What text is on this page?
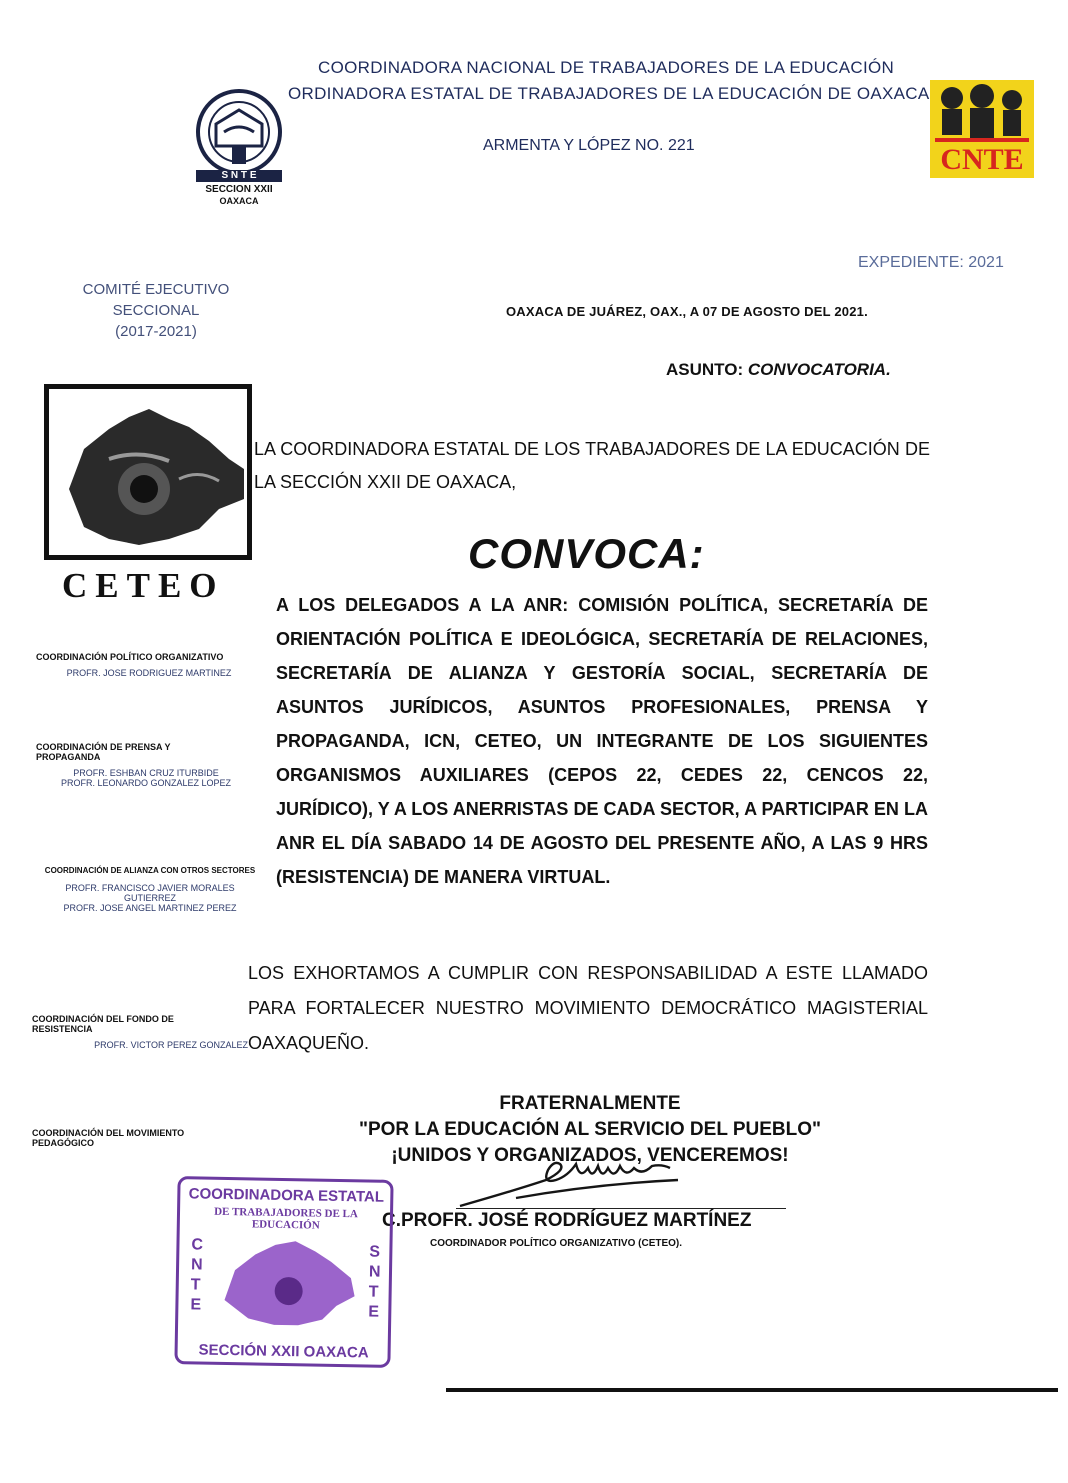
COORDINADORA NACIONAL DE TRABAJADORES DE LA EDUCACIÓN
ORDINADORA ESTATAL DE TRABAJADORES DE LA EDUCACIÓN DE OAXACA
ARMENTA Y LÓPEZ NO. 221
S N T E
SECCION XXII
OAXACA
CNTE
EXPEDIENTE: 2021
COMITÉ EJECUTIVO SECCIONAL
(2017-2021)
OAXACA DE JUÁREZ, OAX., A 07 DE AGOSTO DEL 2021.
ASUNTO: CONVOCATORIA.
CETEO
LA COORDINADORA ESTATAL DE LOS TRABAJADORES DE LA EDUCACIÓN DE LA SECCIÓN XXII DE OAXACA,
CONVOCA:
A LOS DELEGADOS A LA ANR: COMISIÓN POLÍTICA, SECRETARÍA DE ORIENTACIÓN POLÍTICA E IDEOLÓGICA, SECRETARÍA DE RELACIONES, SECRETARÍA DE ALIANZA Y GESTORÍA SOCIAL, SECRETARÍA DE ASUNTOS JURÍDICOS, ASUNTOS PROFESIONALES, PRENSA Y PROPAGANDA, ICN, CETEO, UN INTEGRANTE DE LOS SIGUIENTES ORGANISMOS AUXILIARES (CEPOS 22, CEDES 22, CENCOS 22, JURÍDICO), Y A LOS ANERRISTAS DE CADA SECTOR, A PARTICIPAR EN LA ANR EL DÍA SABADO 14 DE AGOSTO DEL PRESENTE AÑO, A LAS 9 HRS (RESISTENCIA) DE MANERA VIRTUAL.
LOS EXHORTAMOS A CUMPLIR CON RESPONSABILIDAD A ESTE LLAMADO PARA FORTALECER NUESTRO MOVIMIENTO DEMOCRÁTICO MAGISTERIAL OAXAQUEÑO.
COORDINACIÓN POLÍTICO ORGANIZATIVO
PROFR. JOSE RODRIGUEZ MARTINEZ
COORDINACIÓN DE PRENSA Y PROPAGANDA
PROFR. ESHBAN CRUZ ITURBIDE
PROFR. LEONARDO GONZALEZ LOPEZ
COORDINACIÓN DE ALIANZA CON OTROS SECTORES
PROFR. FRANCISCO JAVIER MORALES GUTIERREZ
PROFR. JOSE ANGEL MARTINEZ PEREZ
COORDINACIÓN DEL FONDO DE RESISTENCIA
PROFR. VICTOR PEREZ GONZALEZ
COORDINACIÓN DEL MOVIMIENTO PEDAGÓGICO
FRATERNALMENTE
"POR LA EDUCACIÓN AL SERVICIO DEL PUEBLO"
¡UNIDOS Y ORGANIZADOS, VENCEREMOS!
C.PROFR. JOSÉ RODRÍGUEZ MARTÍNEZ
COORDINADOR POLÍTICO ORGANIZATIVO (CETEO).
COORDINADORA ESTATAL
DE TRABAJADORES DE LA EDUCACIÓN
CNTE
SNTE
SECCIÓN XXII OAXACA
